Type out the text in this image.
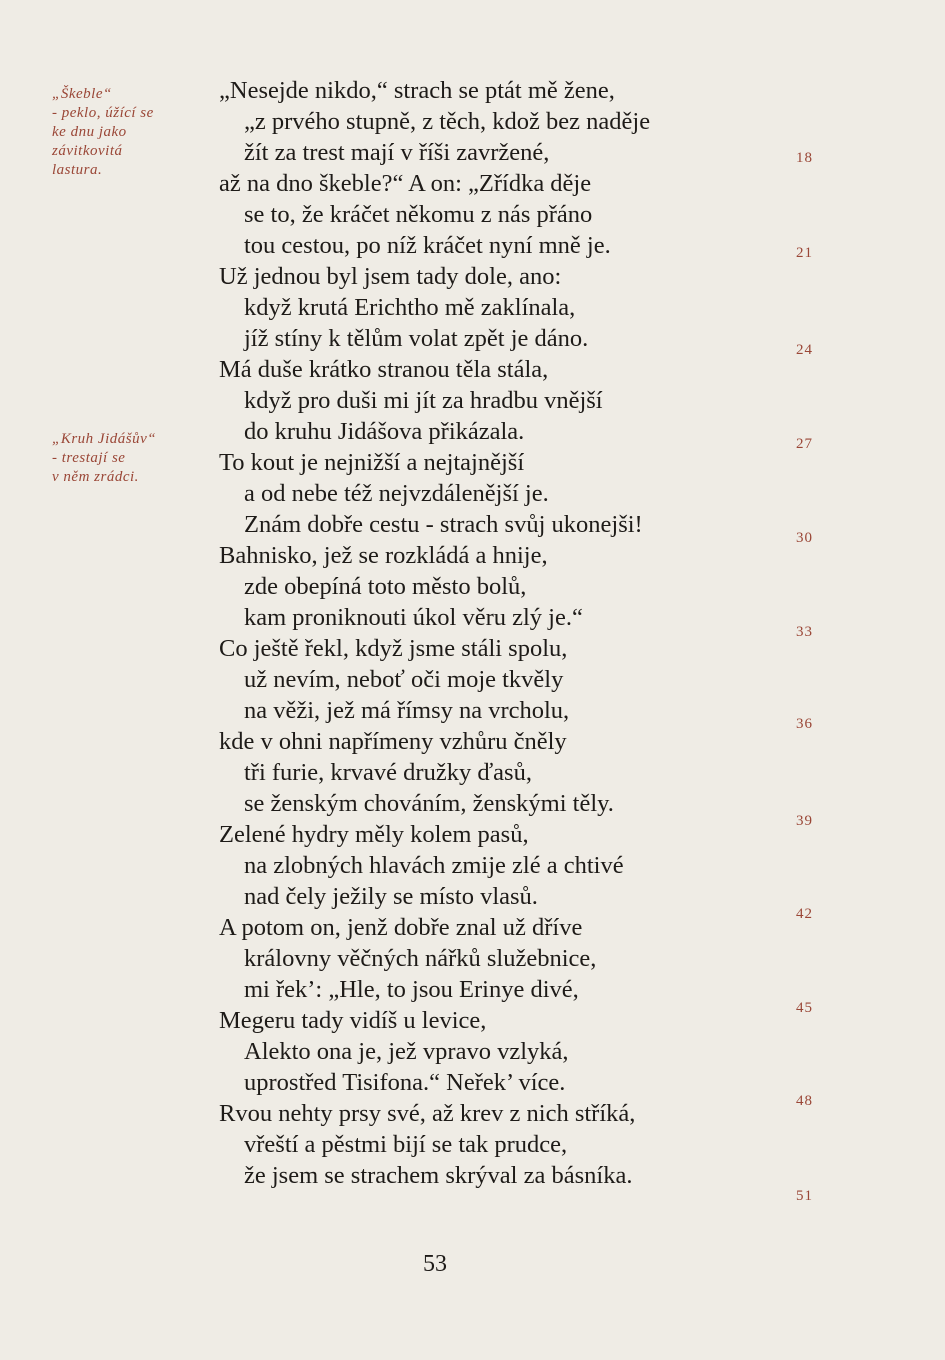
„Škeble“
- peklo, úžící se
ke dnu jako
závitkovitá
lastura.
„Kruh Jidášův“
- trestají se
v něm zrádci.
„Nesejde nikdo,“ strach se ptát mě žene,
„z prvého stupně, z těch, kdož bez naděje
žít za trest mají v říši zavržené,
až na dno škeble?“ A on: „Zřídka děje
se to, že kráčet někomu z nás přáno
tou cestou, po níž kráčet nyní mně je.
Už jednou byl jsem tady dole, ano:
když krutá Erichtho mě zaklínala,
jíž stíny k tělům volat zpět je dáno.
Má duše krátko stranou těla stála,
když pro duši mi jít za hradbu vnější
do kruhu Jidášova přikázala.
To kout je nejnižší a nejtajnější
a od nebe též nejvzdálenější je.
Znám dobře cestu - strach svůj ukonejši!
Bahnisko, jež se rozkládá a hnije,
zde obepíná toto město bolů,
kam proniknouti úkol věru zlý je.“
Co ještě řekl, když jsme stáli spolu,
už nevím, neboť oči moje tkvěly
na věži, jež má římsy na vrcholu,
kde v ohni napřímeny vzhůru čněly
tři furie, krvavé družky ďasů,
se ženským chováním, ženskými těly.
Zelené hydry měly kolem pasů,
na zlobných hlavách zmije zlé a chtivé
nad čely ježily se místo vlasů.
A potom on, jenž dobře znal už dříve
královny věčných nářků služebnice,
mi řek’: „Hle, to jsou Erinye divé,
Megeru tady vidíš u levice,
Alekto ona je, jež vpravo vzlyká,
uprostřed Tisifona.“ Neřek’ více.
Rvou nehty prsy své, až krev z nich stříká,
vřeští a pěstmi bijí se tak prudce,
že jsem se strachem skrýval za básníka.
18
21
24
27
30
33
36
39
42
45
48
51
53
